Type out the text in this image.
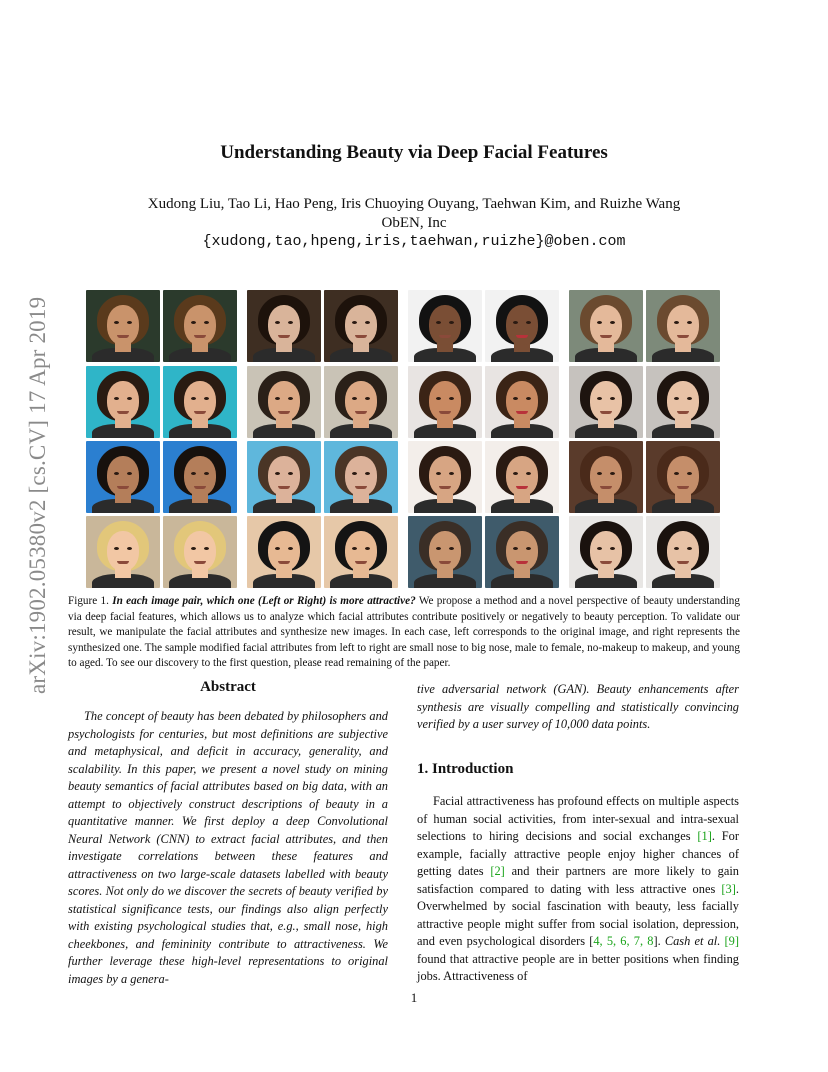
arXiv:1902.05380v2 [cs.CV] 17 Apr 2019
Understanding Beauty via Deep Facial Features
Xudong Liu, Tao Li, Hao Peng, Iris Chuoying Ouyang, Taehwan Kim, and Ruizhe Wang
ObEN, Inc
{xudong,tao,hpeng,iris,taehwan,ruizhe}@oben.com
Figure 1. In each image pair, which one (Left or Right) is more attractive? We propose a method and a novel perspective of beauty understanding via deep facial features, which allows us to analyze which facial attributes contribute positively or negatively to beauty perception. To validate our result, we manipulate the facial attributes and synthesize new images. In each case, left corresponds to the original image, and right represents the synthesized one. The sample modified facial attributes from left to right are small nose to big nose, male to female, no-makeup to makeup, and young to aged. To see our discovery to the first question, please read remaining of the paper.
Abstract
The concept of beauty has been debated by philosophers and psychologists for centuries, but most definitions are subjective and metaphysical, and deficit in accuracy, generality, and scalability. In this paper, we present a novel study on mining beauty semantics of facial attributes based on big data, with an attempt to objectively construct descriptions of beauty in a quantitative manner. We first deploy a deep Convolutional Neural Network (CNN) to extract facial attributes, and then investigate correlations between these features and attractiveness on two large-scale datasets labelled with beauty scores. Not only do we discover the secrets of beauty verified by statistical significance tests, our findings also align perfectly with existing psychological studies that, e.g., small nose, high cheekbones, and femininity contribute to attractiveness. We further leverage these high-level representations to original images by a genera-
tive adversarial network (GAN). Beauty enhancements after synthesis are visually compelling and statistically convincing verified by a user survey of 10,000 data points.
1. Introduction
Facial attractiveness has profound effects on multiple aspects of human social activities, from inter-sexual and intra-sexual selections to hiring decisions and social exchanges [1]. For example, facially attractive people enjoy higher chances of getting dates [2] and their partners are more likely to gain satisfaction compared to dating with less attractive ones [3]. Overwhelmed by social fascination with beauty, less facially attractive people might suffer from social isolation, depression, and even psychological disorders [4, 5, 6, 7, 8]. Cash et al. [9] found that attractive people are in better positions when finding jobs. Attractiveness of
1
